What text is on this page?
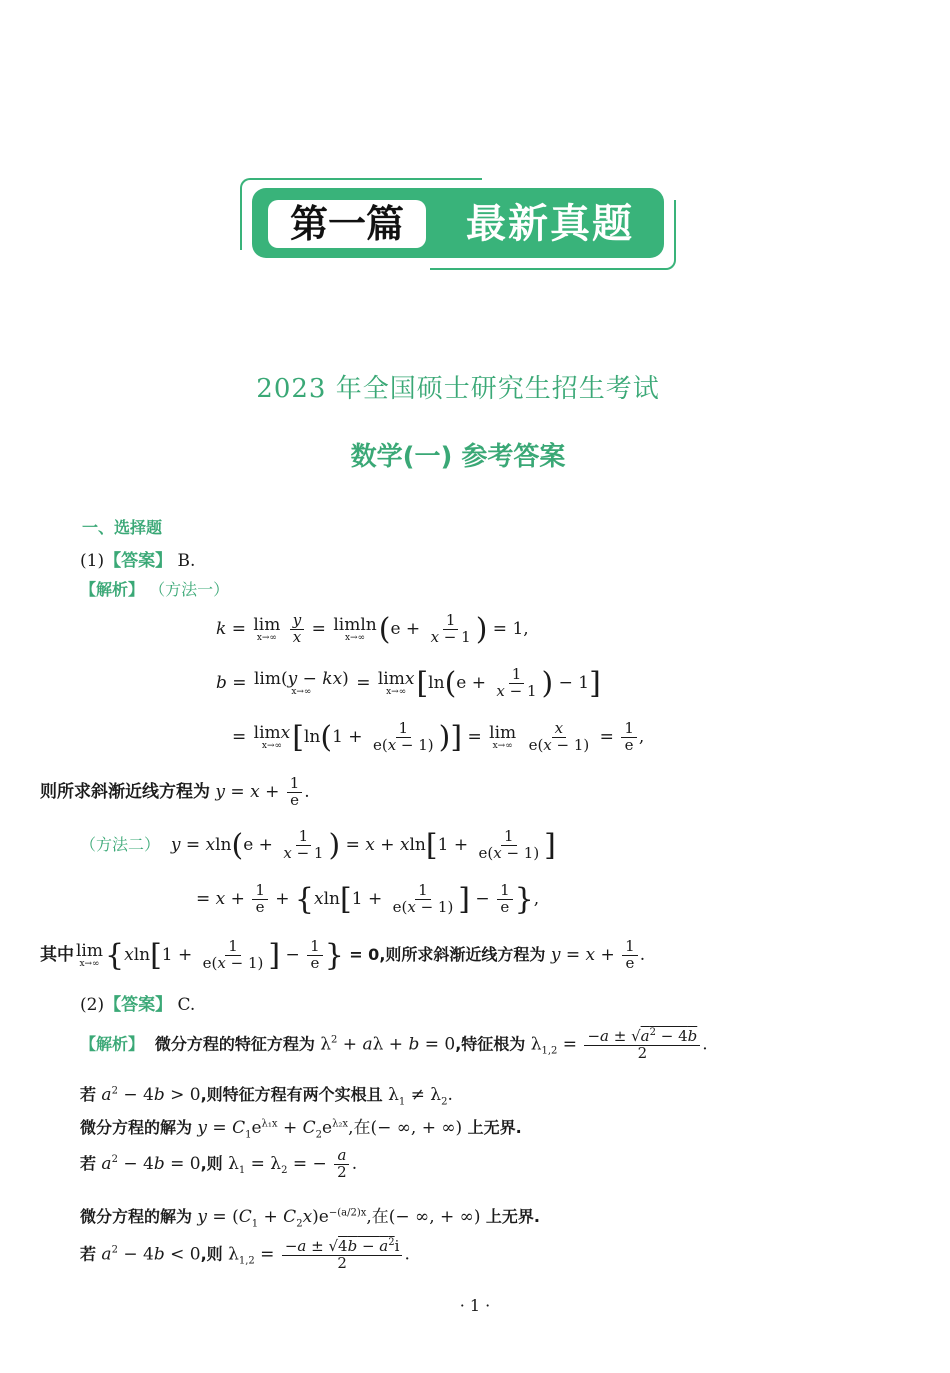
第一篇	最新真题
2023 年全国硕士研究生招生考试
数学(一) 参考答案
一、选择题
(1)【答案】 B.
【解析】 （方法一）
k = lim
x→∞
$\frac{y}{x} = limln$
x→∞ ($e + \frac{1}{x - 1}$ ) = 1,
b = lim(y − kx)
x→∞ = limx
x→∞ [$\ln(e + \frac{1}{x - 1}$ ) − 1]
= limx
x→∞ [$\ln(1 + \frac{1}{e(x - 1)}$ )] = lim
x→∞
$\frac{x}{e(x - 1)} = \frac{1}{e}$ ,
则所求斜渐近线方程为 $y = x + \frac{1}{e}$ .
（方法二） $y = xln(e + \frac{1}{x - 1}$ ) = $x + xln[1 + \frac{1}{e(x - 1)}$ ]
= $x + \frac{1}{e} + \{xln[1 + \frac{1}{e(x - 1)}$ ] − $\frac{1}{e}$ },
其中 lim
x→∞ {$xln[1 + \frac{1}{e(x - 1)}$ ] − $\frac{1}{e}$ } = 0,则所求斜渐近线方程为 $y = x + \frac{1}{e}$ .
(2)【答案】 C.
【解析】 微分方程的特征方程为 $\lambda^2 + a\lambda + b = 0$,特征根为 $\lambda_{1,2} = \frac{-a \pm √a^2 - 4b}{2}$ .
若 $a^2 - 4b > 0$,则特征方程有两个实根且 $\lambda_1 \ne \lambda_2$.
微分方程的解为 $y = C_1e^{\lambda_1x} + C_2e^{\lambda_2x}$,在(− ∞, + ∞) 上无界.
若 $a^2 - 4b = 0$,则 $\lambda_1 = \lambda_2$ = − $\frac{a}{2}$ .
微分方程的解为 $y = (C_1 + C_2x)e^{-(a/2)x}$,在(− ∞, + ∞) 上无界.
若 $a^2 - 4b < 0$,则 $\lambda_{1,2} = \frac{-a \pm √4b - a^2i}{2}$ .
· 1 ·
